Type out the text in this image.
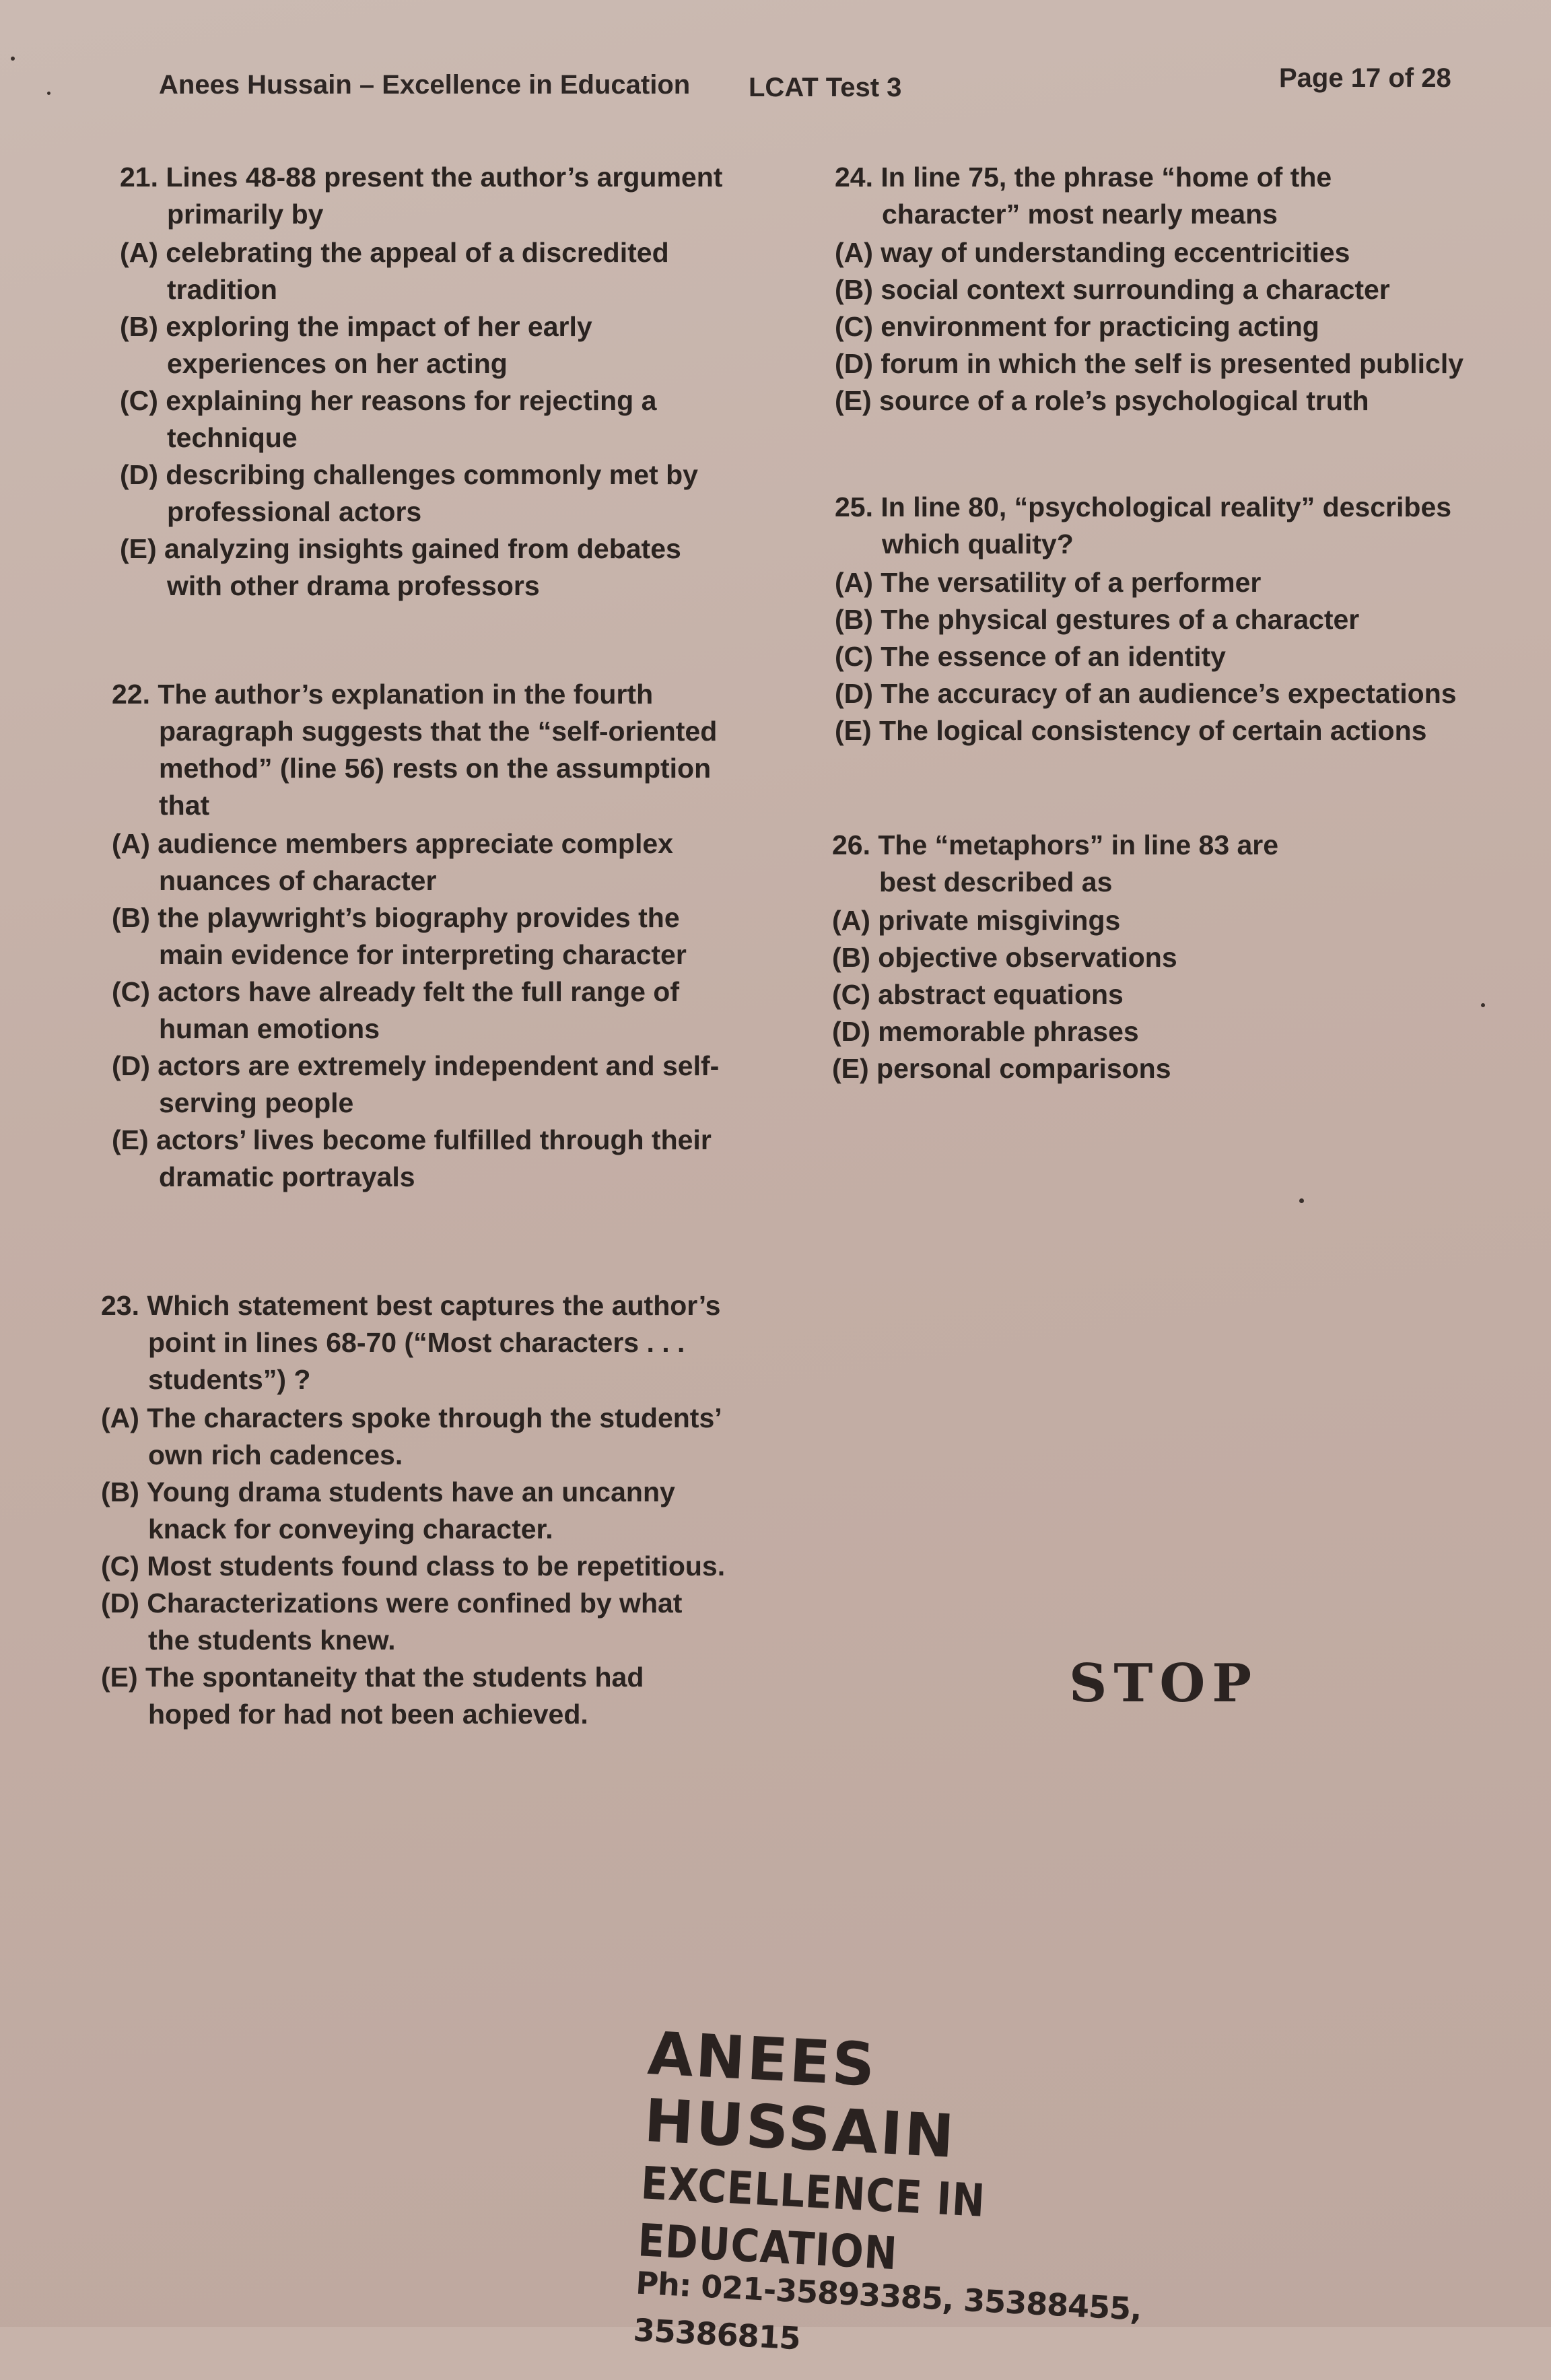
Anees Hussain – Excellence in Education LCAT Test 3	Page 17 of 28
21. Lines 48-88 present the author’s argument primarily by
(A) celebrating the appeal of a discredited tradition
(B) exploring the impact of her early experiences on her acting
(C) explaining her reasons for rejecting a technique
(D) describing challenges commonly met by professional actors
(E) analyzing insights gained from debates with other drama professors
22. The author’s explanation in the fourth paragraph suggests that the “self-oriented method” (line 56) rests on the assumption that
(A) audience members appreciate complex nuances of character
(B) the playwright’s biography provides the main evidence for interpreting character
(C) actors have already felt the full range of human emotions
(D) actors are extremely independent and self-serving people
(E) actors’ lives become fulfilled through their dramatic portrayals
23. Which statement best captures the author’s point in lines 68-70 (“Most characters . . . students”) ?
(A) The characters spoke through the students’ own rich cadences.
(B) Young drama students have an uncanny knack for conveying character.
(C) Most students found class to be repetitious.
(D) Characterizations were confined by what the students knew.
(E) The spontaneity that the students had hoped for had not been achieved.
24. In line 75, the phrase “home of the character” most nearly means
(A) way of understanding eccentricities
(B) social context surrounding a character
(C) environment for practicing acting
(D) forum in which the self is presented publicly
(E) source of a role’s psychological truth
25. In line 80, “psychological reality” describes which quality?
(A) The versatility of a performer
(B) The physical gestures of a character
(C) The essence of an identity
(D) The accuracy of an audience’s expectations
(E) The logical consistency of certain actions
26. The “metaphors” in line 83 are best described as
(A) private misgivings
(B) objective observations
(C) abstract equations
(D) memorable phrases
(E) personal comparisons
STOP
ANEES HUSSAIN
EXCELLENCE IN EDUCATION
Ph: 021-35893385, 35388455, 35386815
